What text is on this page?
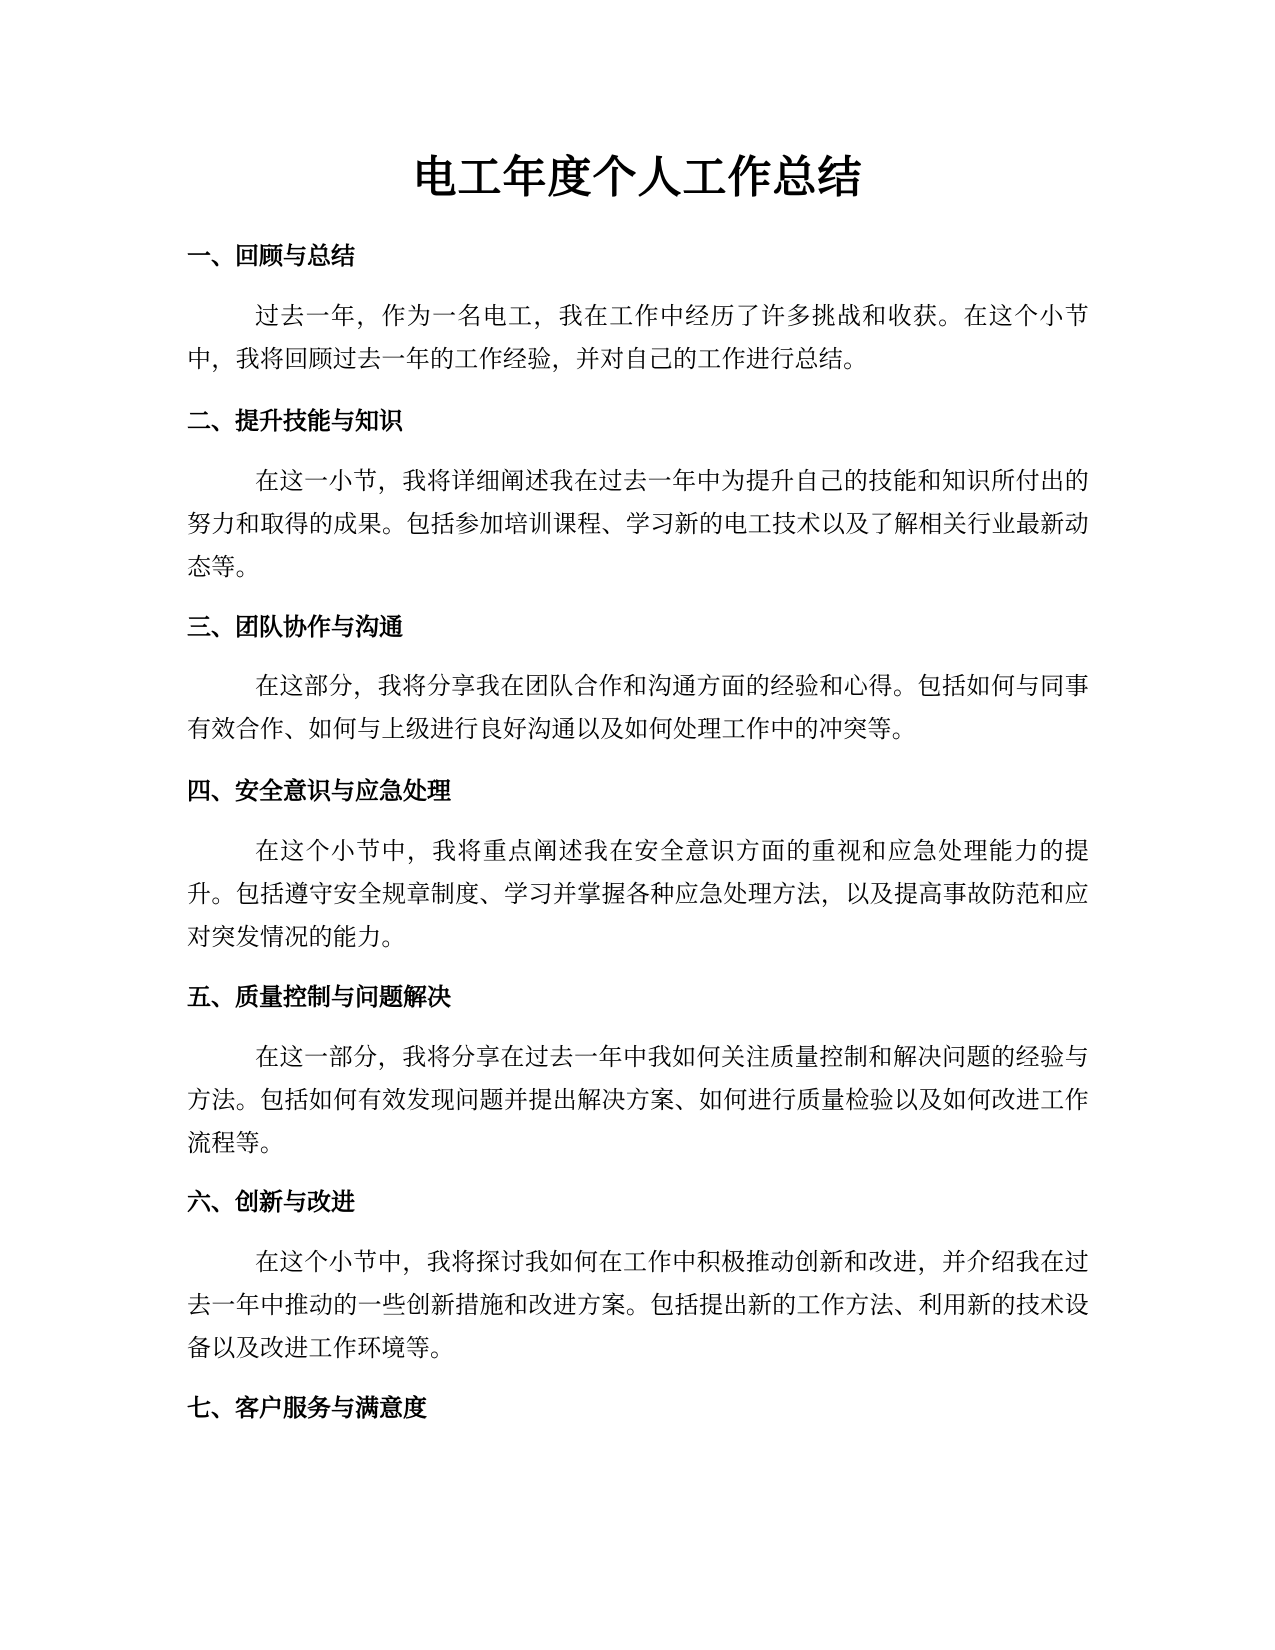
电工年度个人工作总结
一、回顾与总结

过去一年，作为一名电工，我在工作中经历了许多挑战和收获。在这个小节中，我将回顾过去一年的工作经验，并对自己的工作进行总结。

二、提升技能与知识

在这一小节，我将详细阐述我在过去一年中为提升自己的技能和知识所付出的努力和取得的成果。包括参加培训课程、学习新的电工技术以及了解相关行业最新动态等。

三、团队协作与沟通

在这部分，我将分享我在团队合作和沟通方面的经验和心得。包括如何与同事有效合作、如何与上级进行良好沟通以及如何处理工作中的冲突等。

四、安全意识与应急处理

在这个小节中，我将重点阐述我在安全意识方面的重视和应急处理能力的提升。包括遵守安全规章制度、学习并掌握各种应急处理方法，以及提高事故防范和应对突发情况的能力。

五、质量控制与问题解决

在这一部分，我将分享在过去一年中我如何关注质量控制和解决问题的经验与方法。包括如何有效发现问题并提出解决方案、如何进行质量检验以及如何改进工作流程等。

六、创新与改进

在这个小节中，我将探讨我如何在工作中积极推动创新和改进，并介绍我在过去一年中推动的一些创新措施和改进方案。包括提出新的工作方法、利用新的技术设备以及改进工作环境等。

七、客户服务与满意度
